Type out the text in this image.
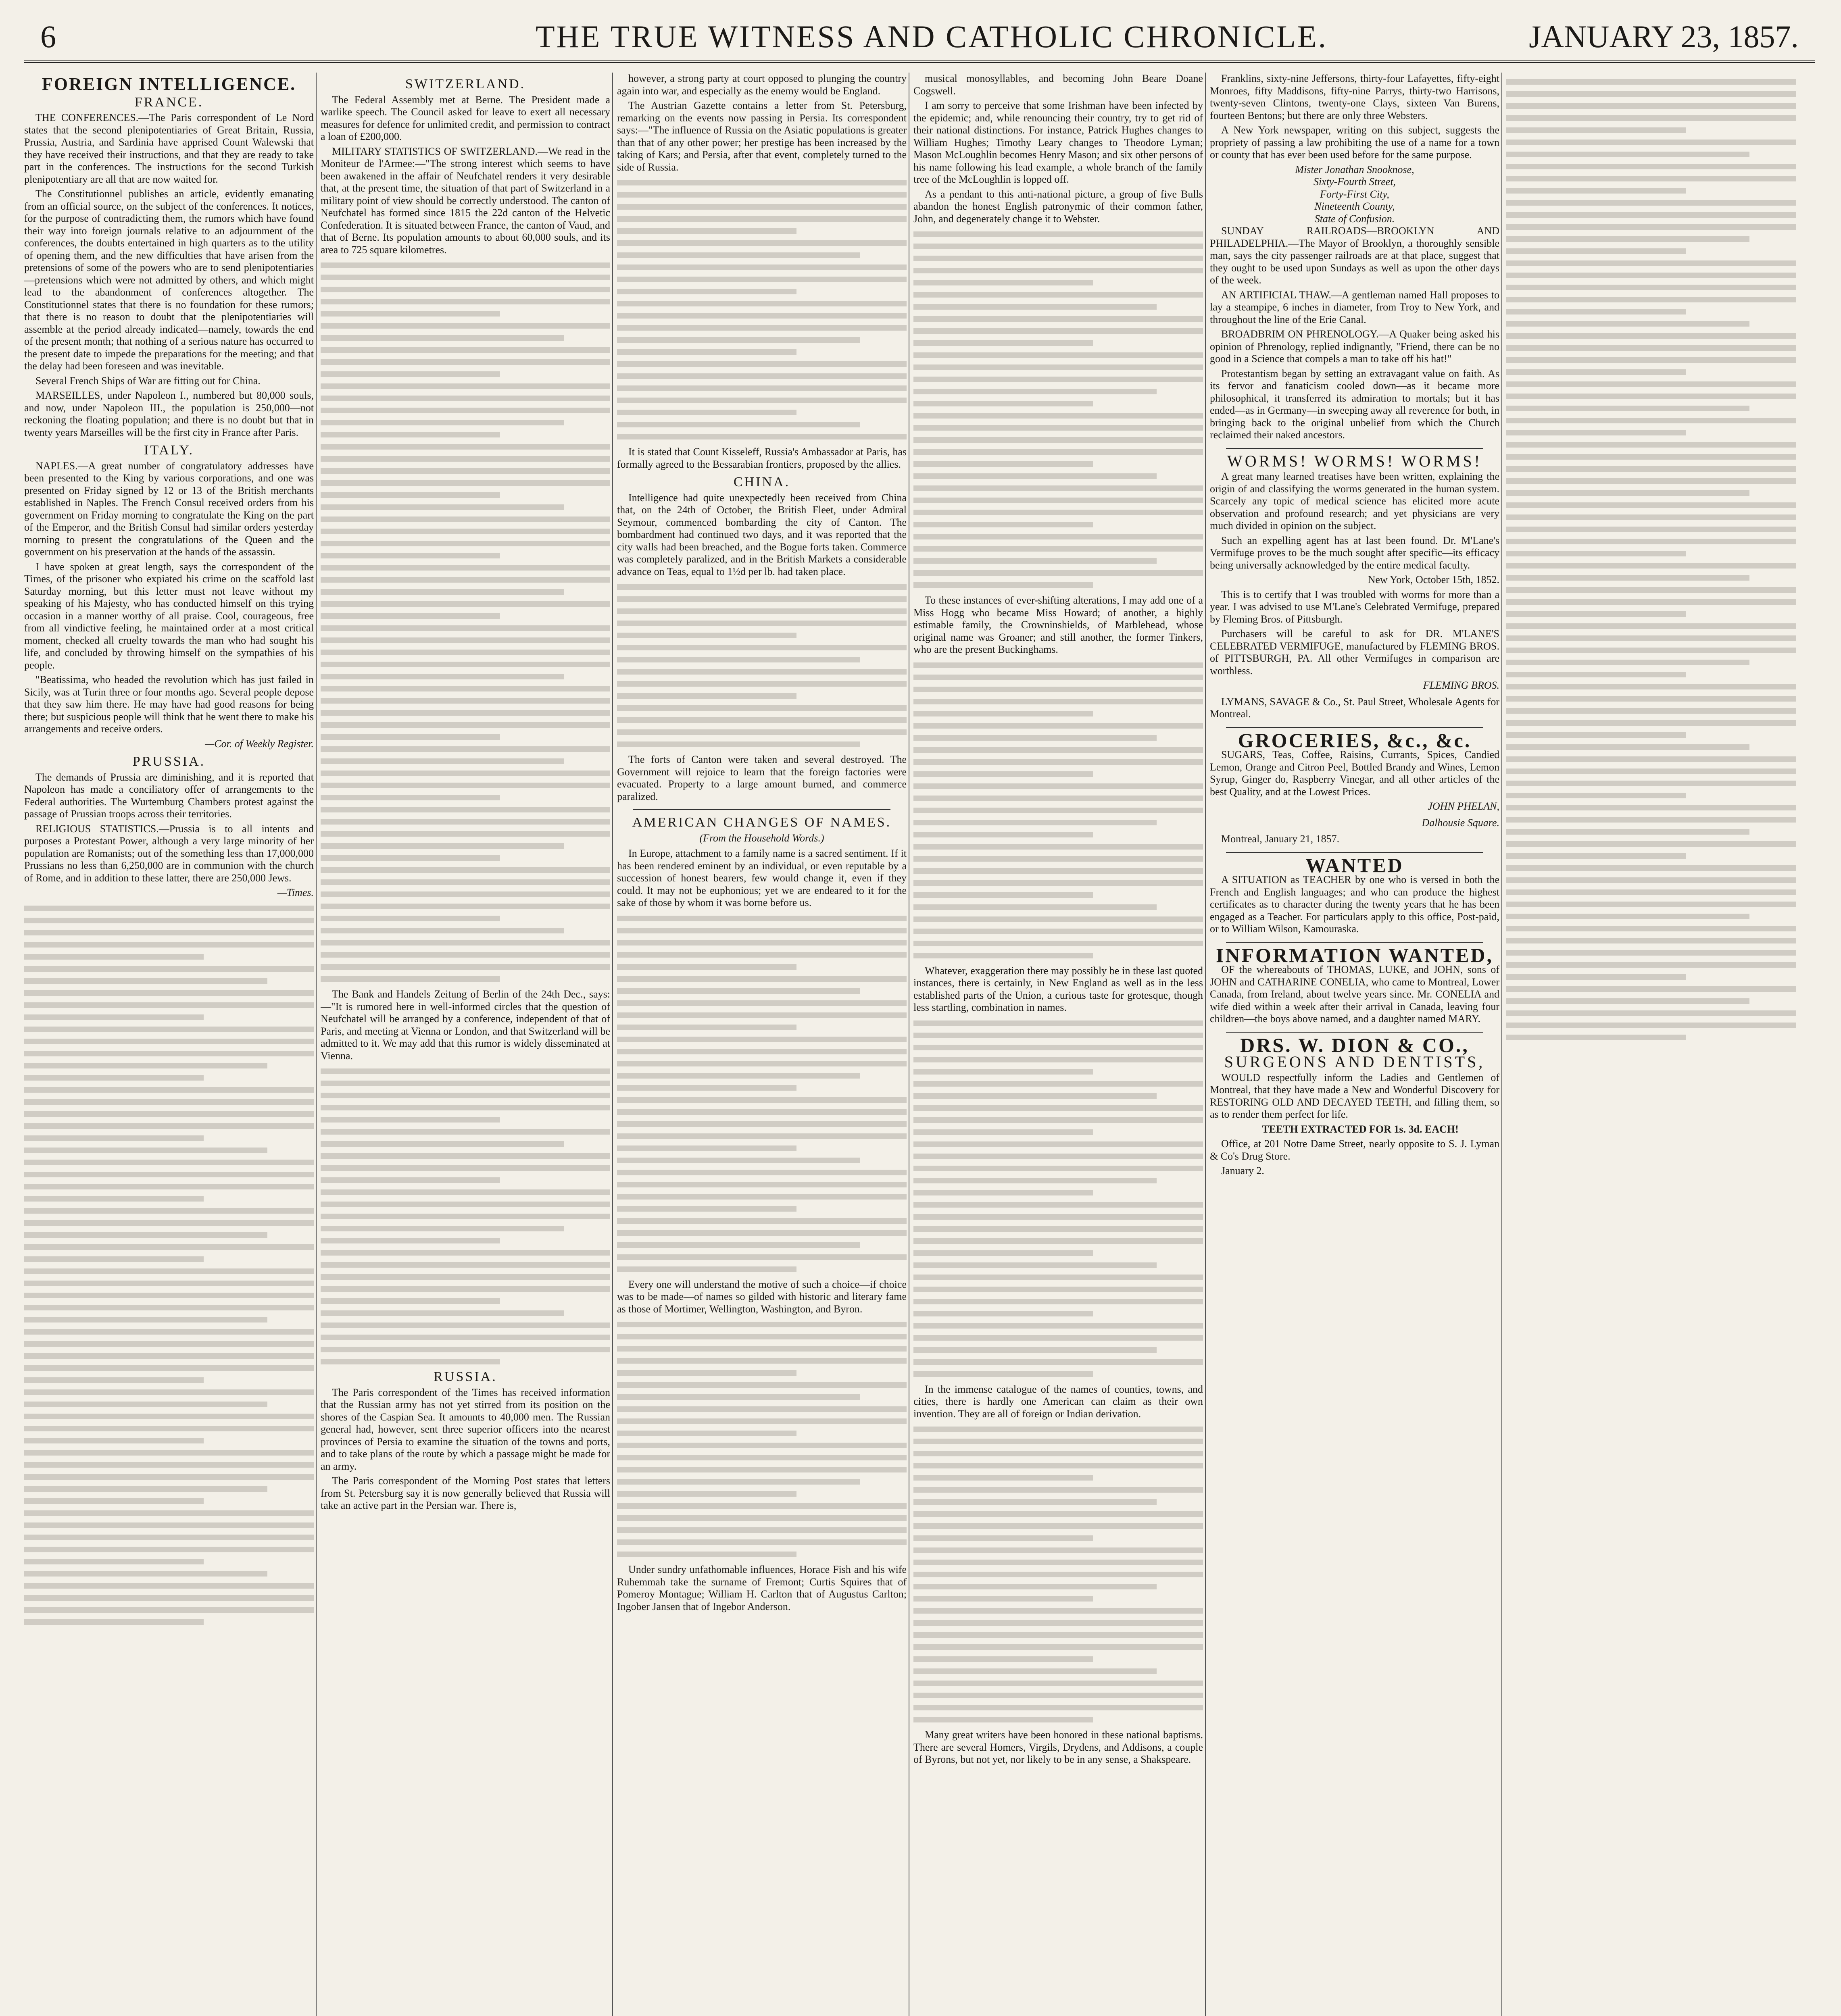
6	THE TRUE WITNESS AND CATHOLIC CHRONICLE.	JANUARY 23, 1857.
FOREIGN INTELLIGENCE.
FRANCE.

THE CONFERENCES.—The Paris correspondent of Le Nord states that the second plenipotentiaries of Great Britain, Russia, Prussia, Austria, and Sardinia have apprised Count Walewski that they have received their instructions, and that they are ready to take part in the conferences. The instructions for the second Turkish plenipotentiary are all that are now waited for.

The Constitutionnel publishes an article, evidently emanating from an official source, on the subject of the conferences. It notices, for the purpose of contradicting them, the rumors which have found their way into foreign journals relative to an adjournment of the conferences, the doubts entertained in high quarters as to the utility of opening them, and the new difficulties that have arisen from the pretensions of some of the powers who are to send plenipotentiaries—pretensions which were not admitted by others, and which might lead to the abandonment of conferences altogether. The Constitutionnel states that there is no foundation for these rumors; that there is no reason to doubt that the plenipotentiaries will assemble at the period already indicated—namely, towards the end of the present month; that nothing of a serious nature has occurred to the present date to impede the preparations for the meeting; and that the delay had been foreseen and was inevitable.

Several French Ships of War are fitting out for China.

MARSEILLES, under Napoleon I., numbered but 80,000 souls, and now, under Napoleon III., the population is 250,000—not reckoning the floating population; and there is no doubt but that in twenty years Marseilles will be the first city in France after Paris.

ITALY.

NAPLES.—A great number of congratulatory addresses have been presented to the King by various corporations, and one was presented on Friday signed by 12 or 13 of the British merchants established in Naples. The French Consul received orders from his government on Friday morning to congratulate the King on the part of the Emperor, and the British Consul had similar orders yesterday morning to present the congratulations of the Queen and the government on his preservation at the hands of the assassin.

I have spoken at great length, says the correspondent of the Times, of the prisoner who expiated his crime on the scaffold last Saturday morning, but this letter must not leave without my speaking of his Majesty, who has conducted himself on this trying occasion in a manner worthy of all praise. Cool, courageous, free from all vindictive feeling, he maintained order at a most critical moment, checked all cruelty towards the man who had sought his life, and concluded by throwing himself on the sympathies of his people.

"Beatissima, who headed the revolution which has just failed in Sicily, was at Turin three or four months ago. Several people depose that they saw him there. He may have had good reasons for being there; but suspicious people will think that he went there to make his arrangements and receive orders.

—Cor. of Weekly Register.
PRUSSIA.

The demands of Prussia are diminishing, and it is reported that Napoleon has made a conciliatory offer of arrangements to the Federal authorities. The Wurtemburg Chambers protest against the passage of Prussian troops across their territories.

RELIGIOUS STATISTICS.—Prussia is to all intents and purposes a Protestant Power, although a very large minority of her population are Romanists; out of the something less than 17,000,000 Prussians no less than 6,250,000 are in communion with the church of Rome, and in addition to these latter, there are 250,000 Jews.

—Times.
SWITZERLAND.

The Federal Assembly met at Berne. The President made a warlike speech. The Council asked for leave to exert all necessary measures for defence for unlimited credit, and permission to contract a loan of £200,000.

MILITARY STATISTICS OF SWITZERLAND.—We read in the Moniteur de l'Armee:—"The strong interest which seems to have been awakened in the affair of Neufchatel renders it very desirable that, at the present time, the situation of that part of Switzerland in a military point of view should be correctly understood. The canton of Neufchatel has formed since 1815 the 22d canton of the Helvetic Confederation. It is situated between France, the canton of Vaud, and that of Berne. Its population amounts to about 60,000 souls, and its area to 725 square kilometres.

The Bank and Handels Zeitung of Berlin of the 24th Dec., says:—"It is rumored here in well-informed circles that the question of Neufchatel will be arranged by a conference, independent of that of Paris, and meeting at Vienna or London, and that Switzerland will be admitted to it. We may add that this rumor is widely disseminated at Vienna.

RUSSIA.

The Paris correspondent of the Times has received information that the Russian army has not yet stirred from its position on the shores of the Caspian Sea. It amounts to 40,000 men. The Russian general had, however, sent three superior officers into the nearest provinces of Persia to examine the situation of the towns and ports, and to take plans of the route by which a passage might be made for an army.

The Paris correspondent of the Morning Post states that letters from St. Petersburg say it is now generally believed that Russia will take an active part in the Persian war. There is,

however, a strong party at court opposed to plunging the country again into war, and especially as the enemy would be England.

The Austrian Gazette contains a letter from St. Petersburg, remarking on the events now passing in Persia. Its correspondent says:—"The influence of Russia on the Asiatic populations is greater than that of any other power; her prestige has been increased by the taking of Kars; and Persia, after that event, completely turned to the side of Russia.

It is stated that Count Kisseleff, Russia's Ambassador at Paris, has formally agreed to the Bessarabian frontiers, proposed by the allies.

CHINA.

Intelligence had quite unexpectedly been received from China that, on the 24th of October, the British Fleet, under Admiral Seymour, commenced bombarding the city of Canton. The bombardment had continued two days, and it was reported that the city walls had been breached, and the Bogue forts taken. Commerce was completely paralized, and in the British Markets a considerable advance on Teas, equal to 1½d per lb. had taken place.

The forts of Canton were taken and several destroyed. The Government will rejoice to learn that the foreign factories were evacuated. Property to a large amount burned, and commerce paralized.

AMERICAN CHANGES OF NAMES.
(From the Household Words.)

In Europe, attachment to a family name is a sacred sentiment. If it has been rendered eminent by an individual, or even reputable by a succession of honest bearers, few would change it, even if they could. It may not be euphonious; yet we are endeared to it for the sake of those by whom it was borne before us.

Every one will understand the motive of such a choice—if choice was to be made—of names so gilded with historic and literary fame as those of Mortimer, Wellington, Washington, and Byron.

Under sundry unfathomable influences, Horace Fish and his wife Ruhemmah take the surname of Fremont; Curtis Squires that of Pomeroy Montague; William H. Carlton that of Augustus Carlton; Ingober Jansen that of Ingebor Anderson.

musical monosyllables, and becoming John Beare Doane Cogswell.

I am sorry to perceive that some Irishman have been infected by the epidemic; and, while renouncing their country, try to get rid of their national distinctions. For instance, Patrick Hughes changes to William Hughes; Timothy Leary changes to Theodore Lyman; Mason McLoughlin becomes Henry Mason; and six other persons of his name following his lead example, a whole branch of the family tree of the McLoughlin is lopped off.

As a pendant to this anti-national picture, a group of five Bulls abandon the honest English patronymic of their common father, John, and degenerately change it to Webster.

To these instances of ever-shifting alterations, I may add one of a Miss Hogg who became Miss Howard; of another, a highly estimable family, the Crowninshields, of Marblehead, whose original name was Groaner; and still another, the former Tinkers, who are the present Buckinghams.

Whatever, exaggeration there may possibly be in these last quoted instances, there is certainly, in New England as well as in the less established parts of the Union, a curious taste for grotesque, though less startling, combination in names.

In the immense catalogue of the names of counties, towns, and cities, there is hardly one American can claim as their own invention. They are all of foreign or Indian derivation.

Many great writers have been honored in these national baptisms. There are several Homers, Virgils, Drydens, and Addisons, a couple of Byrons, but not yet, nor likely to be in any sense, a Shakspeare.

Franklins, sixty-nine Jeffersons, thirty-four Lafayettes, fifty-eight Monroes, fifty Maddisons, fifty-nine Parrys, thirty-two Harrisons, twenty-seven Clintons, twenty-one Clays, sixteen Van Burens, fourteen Bentons; but there are only three Websters.

A New York newspaper, writing on this subject, suggests the propriety of passing a law prohibiting the use of a name for a town or county that has ever been used before for the same purpose.

Mister Jonathan Snooknose,
Sixty-Fourth Street,
Forty-First City,
Nineteenth County,
State of Confusion.

SUNDAY RAILROADS—BROOKLYN AND PHILADELPHIA.—The Mayor of Brooklyn, a thoroughly sensible man, says the city passenger railroads are at that place, suggest that they ought to be used upon Sundays as well as upon the other days of the week.

AN ARTIFICIAL THAW.—A gentleman named Hall proposes to lay a steampipe, 6 inches in diameter, from Troy to New York, and throughout the line of the Erie Canal.

BROADBRIM ON PHRENOLOGY.—A Quaker being asked his opinion of Phrenology, replied indignantly, "Friend, there can be no good in a Science that compels a man to take off his hat!"

Protestantism began by setting an extravagant value on faith. As its fervor and fanaticism cooled down—as it became more philosophical, it transferred its admiration to mortals; but it has ended—as in Germany—in sweeping away all reverence for both, in bringing back to the original unbelief from which the Church reclaimed their naked ancestors.

WORMS! WORMS! WORMS!

A great many learned treatises have been written, explaining the origin of and classifying the worms generated in the human system. Scarcely any topic of medical science has elicited more acute observation and profound research; and yet physicians are very much divided in opinion on the subject.

Such an expelling agent has at last been found. Dr. M'Lane's Vermifuge proves to be the much sought after specific—its efficacy being universally acknowledged by the entire medical faculty.

New York, October 15th, 1852.

This is to certify that I was troubled with worms for more than a year. I was advised to use M'Lane's Celebrated Vermifuge, prepared by Fleming Bros. of Pittsburgh.

Purchasers will be careful to ask for DR. M'LANE'S CELEBRATED VERMIFUGE, manufactured by FLEMING BROS. of PITTSBURGH, PA. All other Vermifuges in comparison are worthless.

FLEMING BROS.

LYMANS, SAVAGE & Co., St. Paul Street, Wholesale Agents for Montreal.

GROCERIES, &c., &c.

SUGARS, Teas, Coffee, Raisins, Currants, Spices, Candied Lemon, Orange and Citron Peel, Bottled Brandy and Wines, Lemon Syrup, Ginger do, Raspberry Vinegar, and all other articles of the best Quality, and at the Lowest Prices.

JOHN PHELAN,
Dalhousie Square.

Montreal, January 21, 1857.

WANTED

A SITUATION as TEACHER by one who is versed in both the French and English languages; and who can produce the highest certificates as to character during the twenty years that he has been engaged as a Teacher. For particulars apply to this office, Post-paid, or to William Wilson, Kamouraska.

INFORMATION WANTED,

OF the whereabouts of THOMAS, LUKE, and JOHN, sons of JOHN and CATHARINE CONELIA, who came to Montreal, Lower Canada, from Ireland, about twelve years since. Mr. CONELIA and wife died within a week after their arrival in Canada, leaving four children—the boys above named, and a daughter named MARY.

DRS. W. DION & CO.,
SURGEONS AND DENTISTS,

WOULD respectfully inform the Ladies and Gentlemen of Montreal, that they have made a New and Wonderful Discovery for RESTORING OLD AND DECAYED TEETH, and filling them, so as to render them perfect for life.

TEETH EXTRACTED FOR 1s. 3d. EACH!

Office, at 201 Notre Dame Street, nearly opposite to S. J. Lyman & Co's Drug Store.

January 2.
